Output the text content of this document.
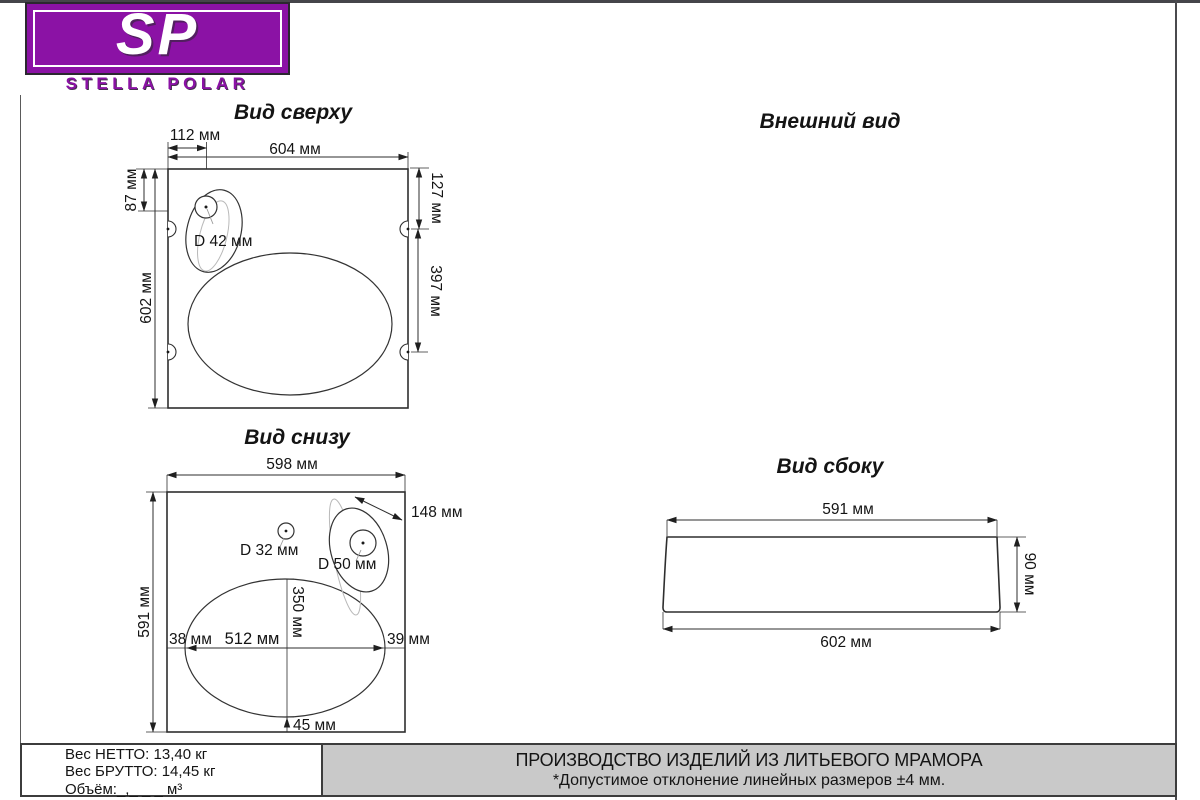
SP
STELLA POLAR
Вид сверху	Внешний вид
Вид снизу
Вид сбоку
112 мм
604 мм
87 мм
602 мм
127 мм
397 мм
D 42 мм
598 мм
591 мм
148 мм
D 32 мм
D 50 мм
350 мм
38 мм 512 мм	39 мм
45 мм
591 мм
90 мм
602 мм
Вес НЕТТО: 13,40 кг
Вес БРУТТО: 14,45 кг
Объём:_,_ _ _ м³
ПРОИЗВОДСТВО ИЗДЕЛИЙ ИЗ ЛИТЬЕВОГО МРАМОРА
*Допустимое отклонение линейных размеров ±4 мм.
